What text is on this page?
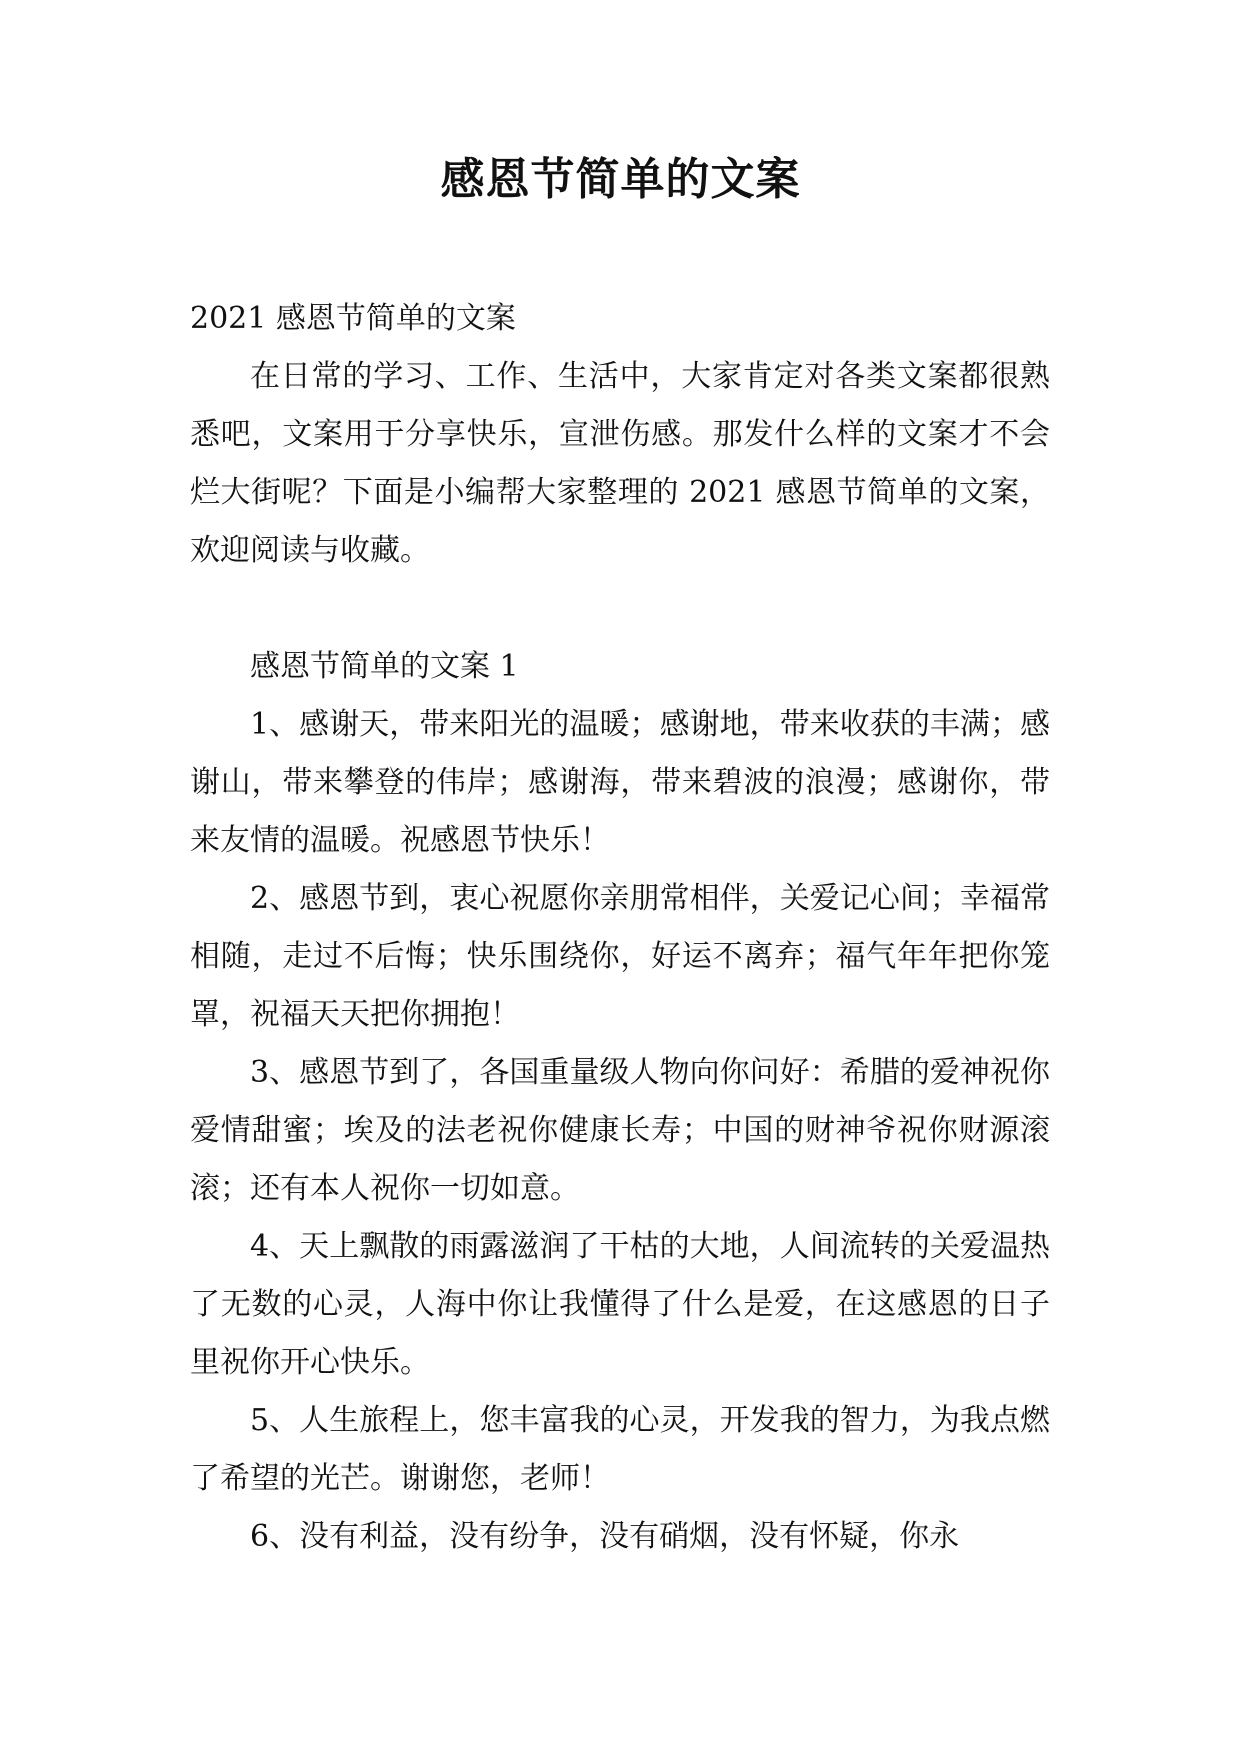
感恩节简单的文案

2021 感恩节简单的文案

在日常的学习、工作、生活中，大家肯定对各类文案都很熟悉吧，文案用于分享快乐，宣泄伤感。那发什么样的文案才不会烂大街呢？下面是小编帮大家整理的 2021 感恩节简单的文案，欢迎阅读与收藏。

感恩节简单的文案 1

1、感谢天，带来阳光的温暖；感谢地，带来收获的丰满；感谢山，带来攀登的伟岸；感谢海，带来碧波的浪漫；感谢你，带来友情的温暖。祝感恩节快乐！

2、感恩节到，衷心祝愿你亲朋常相伴，关爱记心间；幸福常相随，走过不后悔；快乐围绕你，好运不离弃；福气年年把你笼罩，祝福天天把你拥抱！

3、感恩节到了，各国重量级人物向你问好：希腊的爱神祝你爱情甜蜜；埃及的法老祝你健康长寿；中国的财神爷祝你财源滚滚；还有本人祝你一切如意。

4、天上飘散的雨露滋润了干枯的大地，人间流转的关爱温热了无数的心灵，人海中你让我懂得了什么是爱，在这感恩的日子里祝你开心快乐。

5、人生旅程上，您丰富我的心灵，开发我的智力，为我点燃了希望的光芒。谢谢您，老师！

6、没有利益，没有纷争，没有硝烟，没有怀疑，你永
